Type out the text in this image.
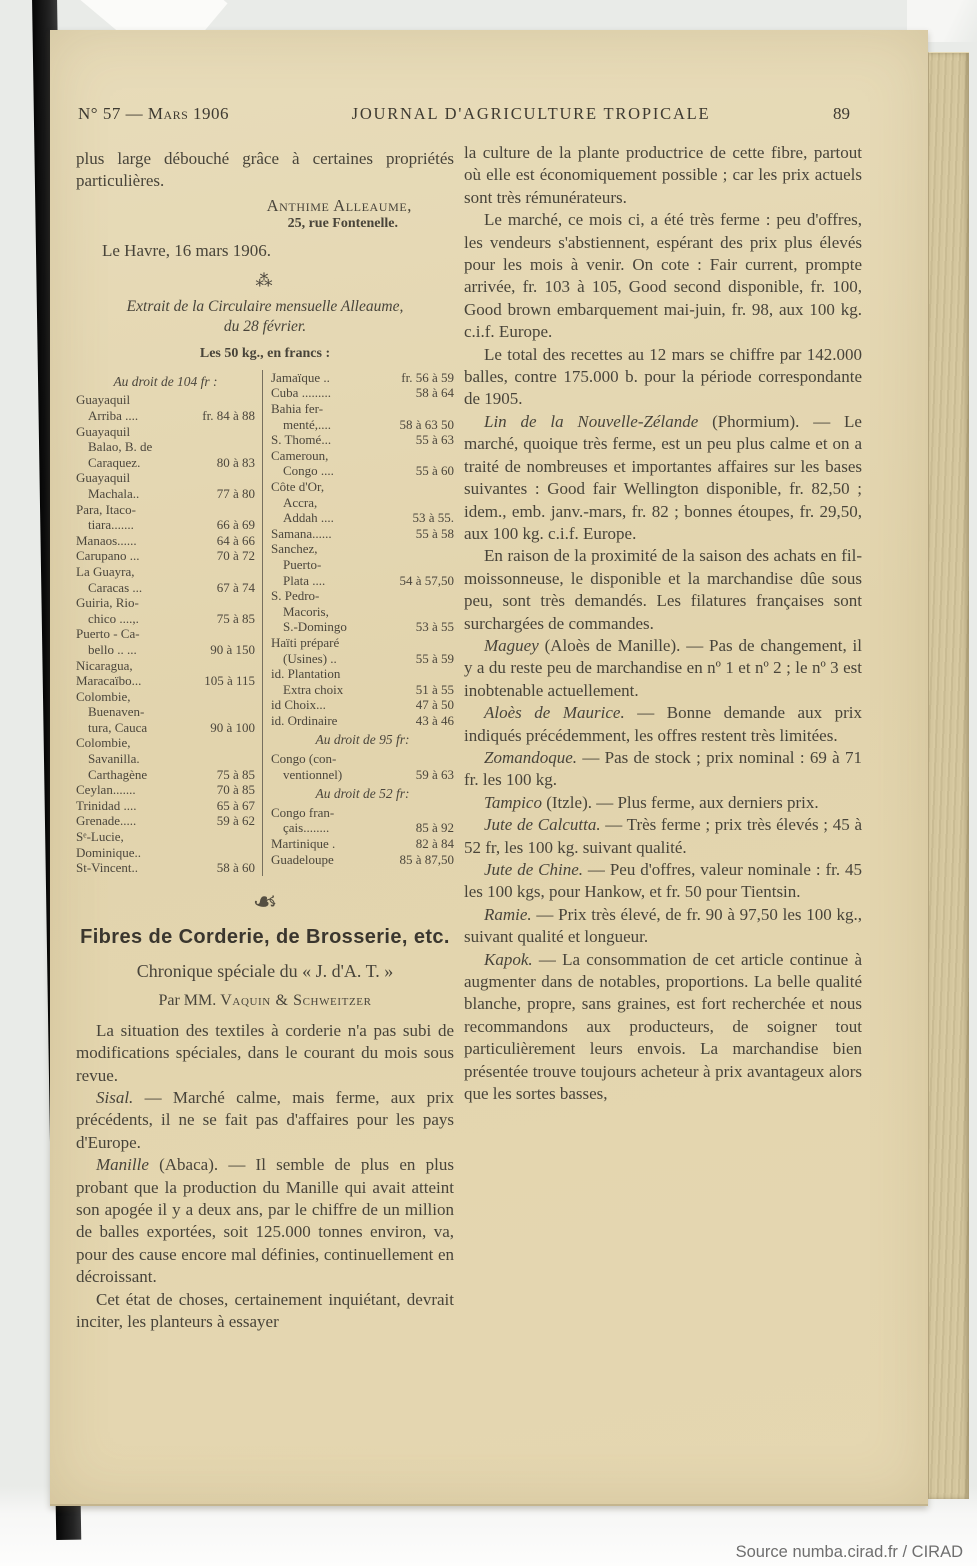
N° 57 — Mars 1906	JOURNAL D'AGRICULTURE TROPICALE	89

plus large débouché grâce à certaines propriétés particulières.

Anthime Alleaume,
25, rue Fontenelle.
Le Havre, 16 mars 1906.
⁂
Extrait de la Circulaire mensuelle Alleaume,
du 28 février.
Les 50 kg., en francs :
Au droit de 104 fr :
Guayaquil
Arriba ....	fr. 84 à 88
Guayaquil
Balao, B. de
Caraquez.	80 à 83
Guayaquil
Machala..	77 à 80
Para, Itaco-
tiara.......	66 à 69
Manaos......	64 à 66
Carupano ...	70 à 72
La Guayra,
Caracas ...	67 à 74
Guiria, Rio-
chico ....,.	75 à 85
Puerto - Ca-
bello .. ...	90 à 150
Nicaragua,
Maracaïbo...	105 à 115
Colombie,
Buenaven-
tura, Cauca	90 à 100
Colombie,
Savanilla.
Carthagène	75 à 85
Ceylan.......	70 à 85
Trinidad ....	65 à 67
Grenade.....	59 à 62
Sᵉ-Lucie,
Dominique..
St-Vincent..	58 à 60
Jamaïque ..	fr. 56 à 59
Cuba .........	58 à 64
Bahia fer-
menté,....	58 à 63 50
S. Thomé...	55 à 63
Cameroun,
Congo ....	55 à 60
Côte d'Or,
Accra,
Addah ....	53 à 55.
Samana......	55 à 58
Sanchez,
Puerto-
Plata ....	54 à 57,50
S. Pedro-
Macoris,
S.-Domingo	53 à 55
Haïti préparé
(Usines) ..	55 à 59
id. Plantation
Extra choix	51 à 55
id Choix...	47 à 50
id. Ordinaire	43 à 46
Au droit de 95 fr:
Congo (con-
ventionnel)	59 à 63
Au droit de 52 fr:
Congo fran-
çais........	85 à 92
Martinique .	82 à 84
Guadeloupe	85 à 87,50
❧
Fibres de Corderie, de Brosserie, etc.
Chronique spéciale du « J. d'A. T. »
Par MM. Vaquin & Schweitzer

La situation des textiles à corderie n'a pas subi de modifications spéciales, dans le courant du mois sous revue.

Sisal. — Marché calme, mais ferme, aux prix précédents, il ne se fait pas d'affaires pour les pays d'Europe.

Manille (Abaca). — Il semble de plus en plus probant que la production du Manille qui avait atteint son apogée il y a deux ans, par le chiffre de un million de balles exportées, soit 125.000 tonnes environ, va, pour des cause encore mal définies, continuellement en décroissant.

Cet état de choses, certainement inquiétant, devrait inciter, les planteurs à essayer

la culture de la plante productrice de cette fibre, partout où elle est économiquement possible ; car les prix actuels sont très rémunérateurs.

Le marché, ce mois ci, a été très ferme : peu d'offres, les vendeurs s'abstiennent, espérant des prix plus élevés pour les mois à venir. On cote : Fair current, prompte arrivée, fr. 103 à 105, Good second disponible, fr. 100, Good brown embarquement mai-juin, fr. 98, aux 100 kg. c.i.f. Europe.

Le total des recettes au 12 mars se chiffre par 142.000 balles, contre 175.000 b. pour la période correspondante de 1905.

Lin de la Nouvelle-Zélande (Phormium). — Le marché, quoique très ferme, est un peu plus calme et on a traité de nombreuses et importantes affaires sur les bases suivantes : Good fair Wellington disponible, fr. 82,50 ; idem., emb. janv.-mars, fr. 82 ; bonnes étoupes, fr. 29,50, aux 100 kg. c.i.f. Europe.

En raison de la proximité de la saison des achats en fil-moissonneuse, le disponible et la marchandise dûe sous peu, sont très demandés. Les filatures françaises sont surchargées de commandes.

Maguey (Aloès de Manille). — Pas de changement, il y a du reste peu de marchandise en nº 1 et nº 2 ; le nº 3 est inobtenable actuellement.

Aloès de Maurice. — Bonne demande aux prix indiqués précédemment, les offres restent très limitées.

Zomandoque. — Pas de stock ; prix nominal : 69 à 71 fr. les 100 kg.

Tampico (Itzle). — Plus ferme, aux derniers prix.

Jute de Calcutta. — Très ferme ; prix très élevés ; 45 à 52 fr, les 100 kg. suivant qualité.

Jute de Chine. — Peu d'offres, valeur nominale : fr. 45 les 100 kgs, pour Hankow, et fr. 50 pour Tientsin.

Ramie. — Prix très élevé, de fr. 90 à 97,50 les 100 kg., suivant qualité et longueur.

Kapok. — La consommation de cet article continue à augmenter dans de notables, proportions. La belle qualité blanche, propre, sans graines, est fort recherchée et nous recommandons aux producteurs, de soigner tout particulièrement leurs envois. La marchandise bien présentée trouve toujours acheteur à prix avantageux alors que les sortes basses,

Source numba.cirad.fr / CIRAD
